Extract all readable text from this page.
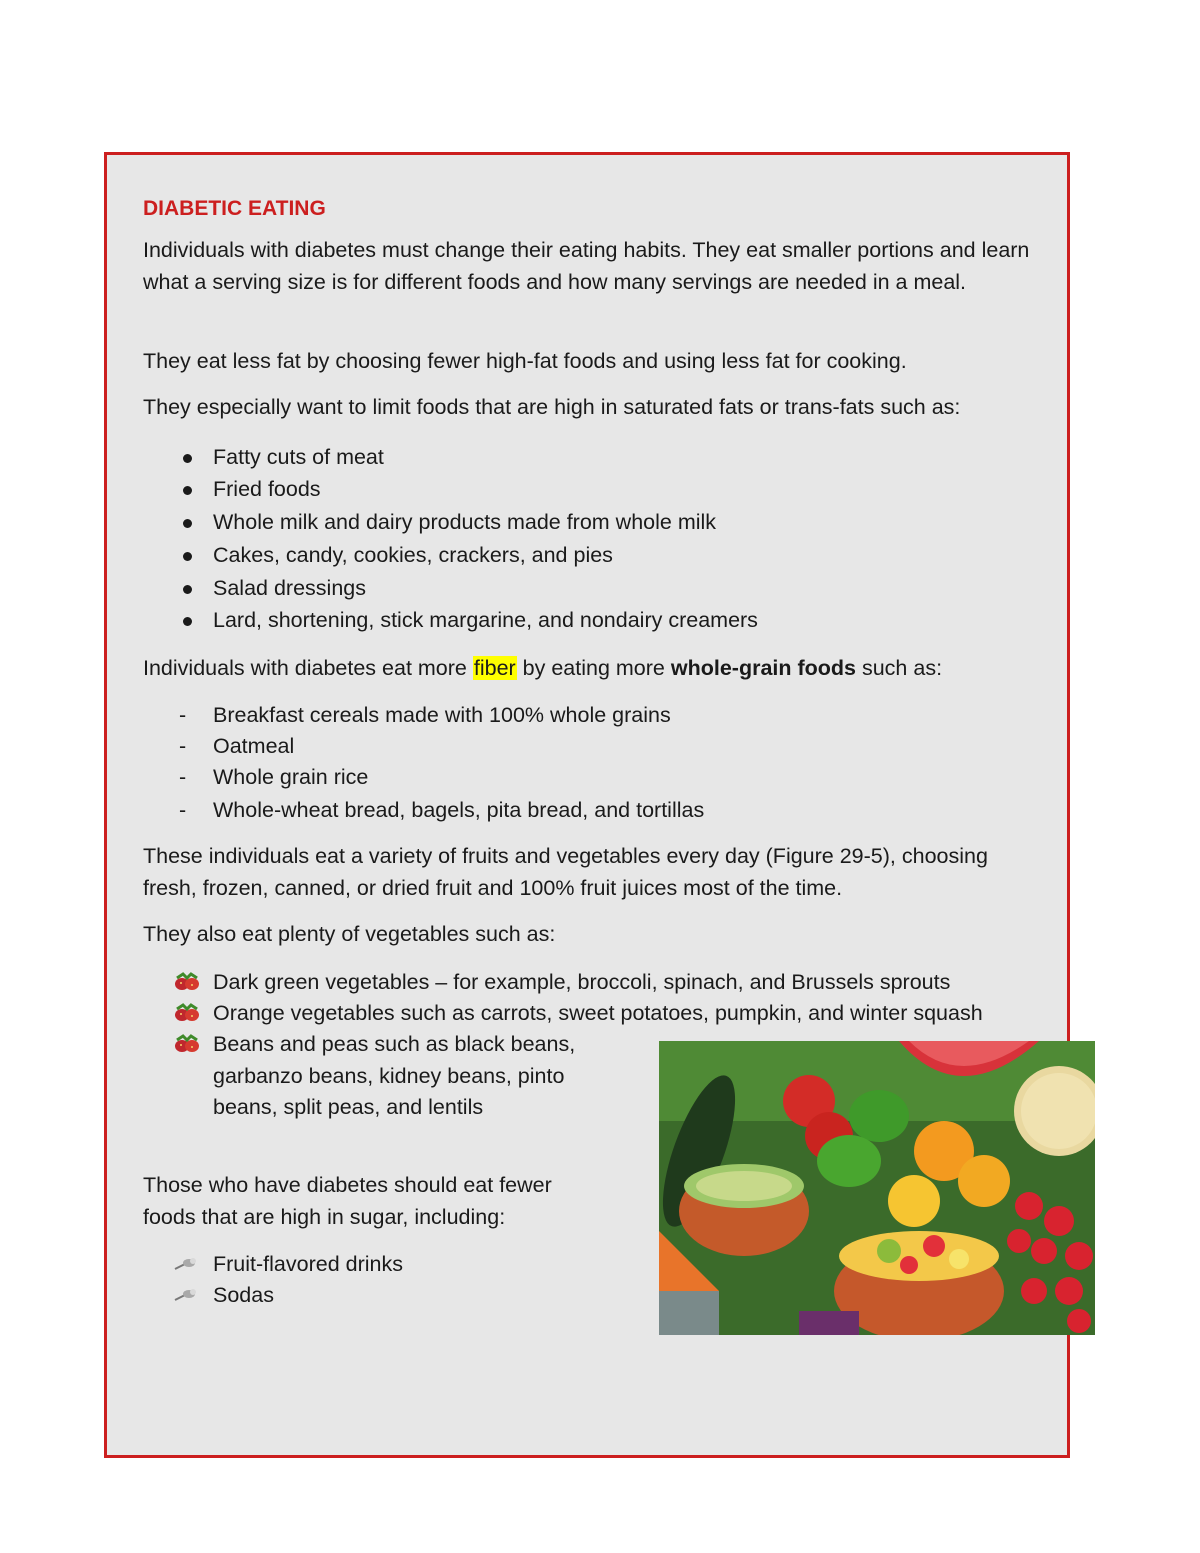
DIABETIC EATING

Individuals with diabetes must change their eating habits. They eat smaller portions and learn what a serving size is for different foods and how many servings are needed in a meal.

They eat less fat by choosing fewer high-fat foods and using less fat for cooking.

They especially want to limit foods that are high in saturated fats or trans-fats such as:

Fatty cuts of meat

Fried foods

Whole milk and dairy products made from whole milk

Cakes, candy, cookies, crackers, and pies

Salad dressings

Lard, shortening, stick margarine, and nondairy creamers

Individuals with diabetes eat more fiber by eating more whole-grain foods such as:

- Breakfast cereals made with 100% whole grains

- Oatmeal

- Whole grain rice

- Whole-wheat bread, bagels, pita bread, and tortillas

These individuals eat a variety of fruits and vegetables every day (Figure 29-5), choosing fresh, frozen, canned, or dried fruit and 100% fruit juices most of the time.

They also eat plenty of vegetables such as:

Dark green vegetables – for example, broccoli, spinach, and Brussels sprouts

Orange vegetables such as carrots, sweet potatoes, pumpkin, and winter squash

Beans and peas such as black beans, garbanzo beans, kidney beans, pinto beans, split peas, and lentils

Those who have diabetes should eat fewer foods that are high in sugar, including:

Fruit-flavored drinks

Sodas
